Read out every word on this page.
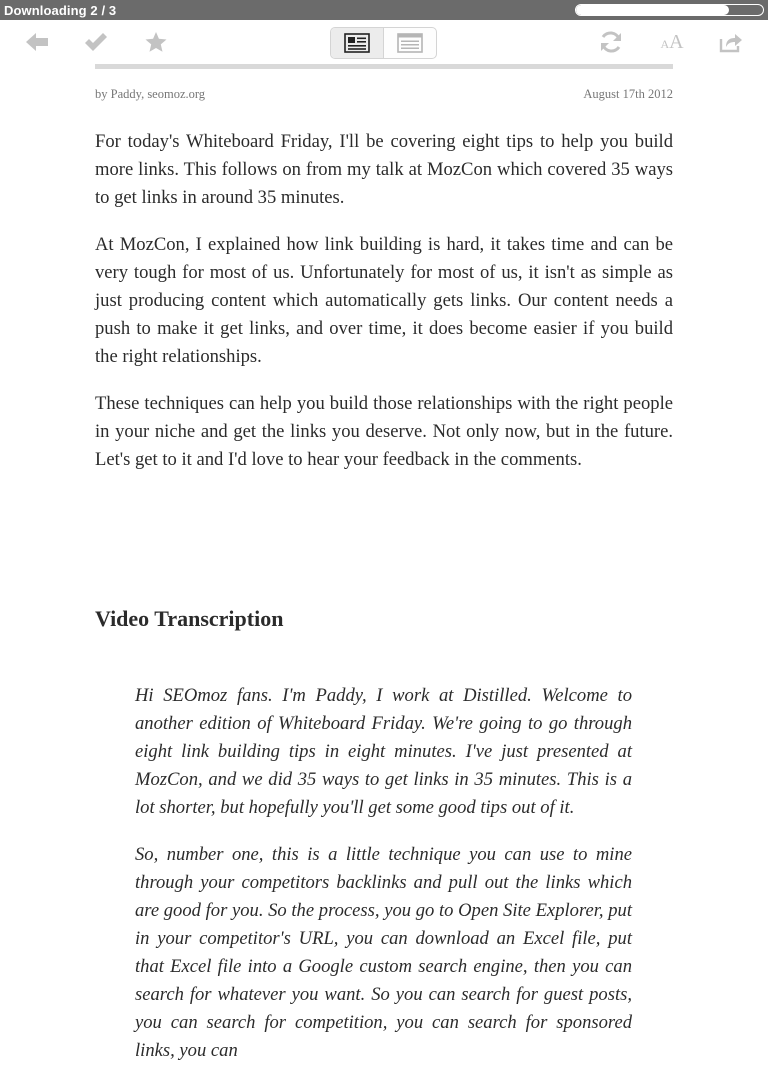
Downloading 2 / 3
AA
by Paddy, seomoz.org	August 17th 2012

For today's Whiteboard Friday, I'll be covering eight tips to help you build more links. This follows on from my talk at MozCon which covered 35 ways to get links in around 35 minutes.

At MozCon, I explained how link building is hard, it takes time and can be very tough for most of us. Unfortunately for most of us, it isn't as simple as just producing content which automatically gets links. Our content needs a push to make it get links, and over time, it does become easier if you build the right relationships.

These techniques can help you build those relationships with the right people in your niche and get the links you deserve. Not only now, but in the future. Let's get to it and I'd love to hear your feedback in the comments.

Video Transcription

Hi SEOmoz fans. I'm Paddy, I work at Distilled. Welcome to another edition of Whiteboard Friday. We're going to go through eight link building tips in eight minutes. I've just presented at MozCon, and we did 35 ways to get links in 35 minutes. This is a lot shorter, but hopefully you'll get some good tips out of it.

So, number one, this is a little technique you can use to mine through your competitors backlinks and pull out the links which are good for you. So the process, you go to Open Site Explorer, put in your competitor's URL, you can download an Excel file, put that Excel file into a Google custom search engine, then you can search for whatever you want. So you can search for guest posts, you can search for competition, you can search for sponsored links, you can
